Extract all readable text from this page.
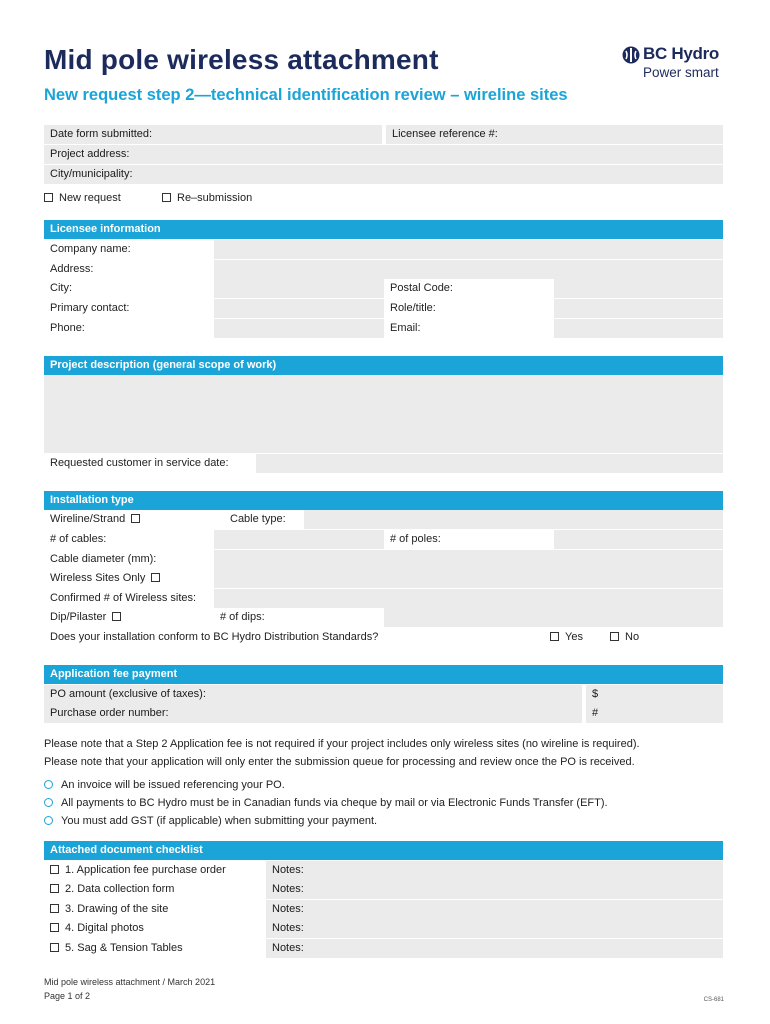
Mid pole wireless attachment
New request step 2—technical identification review – wireline sites
BC Hydro
Power smart
Date form submitted:	Licensee reference #:
Project address:
City/municipality:
New request	Re–submission
Licensee information
Company name:
Address:
City:	Postal Code:
Primary contact:	Role/title:
Phone:	Email:
Project description (general scope of work)
Requested customer in service date:
Installation type
Wireline/Strand	Cable type:
# of cables:	# of poles:
Cable diameter (mm):
Wireless Sites Only
Confirmed # of Wireless sites:
Dip/Pilaster	# of dips:
Does your installation conform to BC Hydro Distribution Standards?	Yes	No
Application fee payment
PO amount (exclusive of taxes):	$
Purchase order number:	#
Please note that a Step 2 Application fee is not required if your project includes only wireless sites (no wireline is required).
Please note that your application will only enter the submission queue for processing and review once the PO is received.
An invoice will be issued referencing your PO.
All payments to BC Hydro must be in Canadian funds via cheque by mail or via Electronic Funds Transfer (EFT).
You must add GST (if applicable) when submitting your payment.
Attached document checklist
1. Application fee purchase order	Notes:
2. Data collection form	Notes:
3. Drawing of the site	Notes:
4. Digital photos	Notes:
5. Sag & Tension Tables	Notes:
Mid pole wireless attachment / March 2021
Page 1 of 2	CS-681
